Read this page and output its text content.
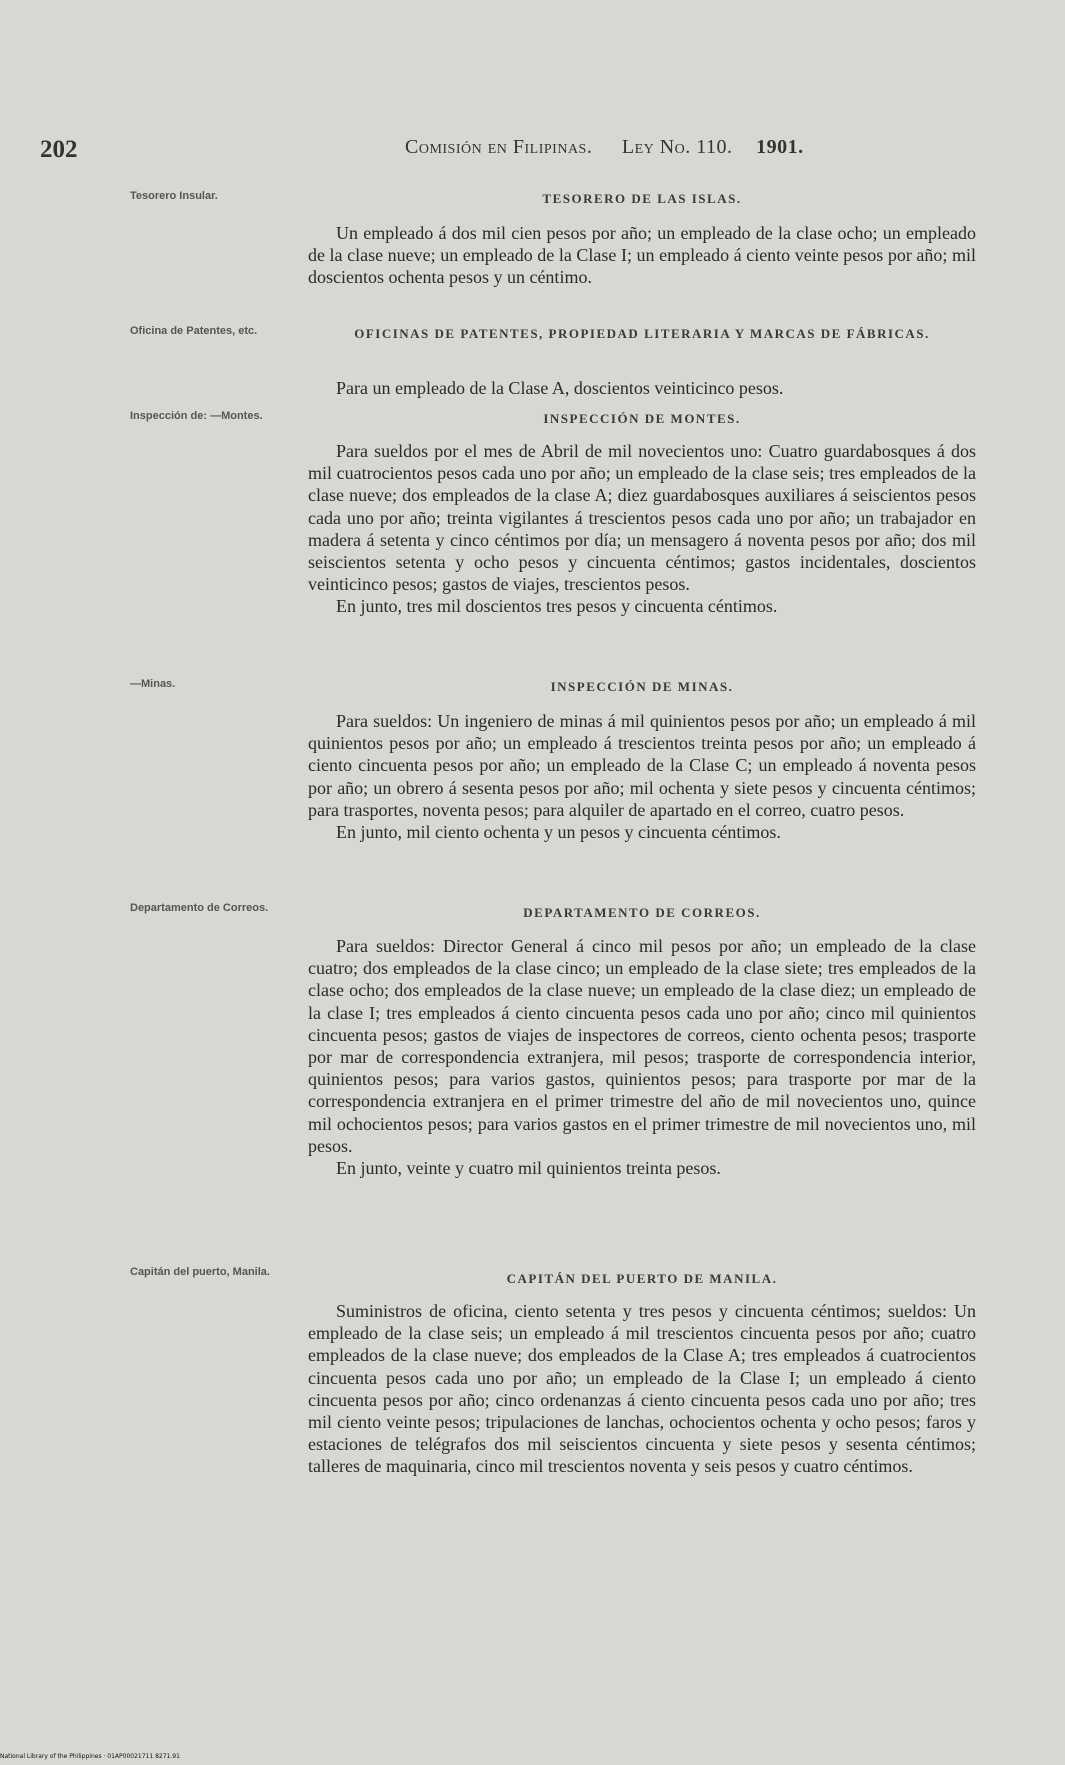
202	Comisión en Filipinas. Ley No. 110. 1901.
Tesorero Insular.	TESORERO DE LAS ISLAS.

Un empleado á dos mil cien pesos por año; un empleado de la clase ocho; un empleado de la clase nueve; un empleado de la Clase I; un empleado á ciento veinte pesos por año; mil doscientos ochenta pesos y un céntimo.

Oficina de Patentes, etc.	OFICINAS DE PATENTES, PROPIEDAD LITERARIA Y MARCAS DE FÁBRICAS.

Para un empleado de la Clase A, doscientos veinticinco pesos.

Inspección de: —Montes.	INSPECCIÓN DE MONTES.

Para sueldos por el mes de Abril de mil novecientos uno: Cuatro guardabosques á dos mil cuatrocientos pesos cada uno por año; un empleado de la clase seis; tres empleados de la clase nueve; dos empleados de la clase A; diez guardabosques auxiliares á seiscientos pesos cada uno por año; treinta vigilantes á trescientos pesos cada uno por año; un trabajador en madera á setenta y cinco céntimos por día; un mensagero á noventa pesos por año; dos mil seiscientos setenta y ocho pesos y cincuenta céntimos; gastos incidentales, doscientos veinticinco pesos; gastos de viajes, trescientos pesos.

En junto, tres mil doscientos tres pesos y cincuenta céntimos.

—Minas.	INSPECCIÓN DE MINAS.

Para sueldos: Un ingeniero de minas á mil quinientos pesos por año; un empleado á mil quinientos pesos por año; un empleado á trescientos treinta pesos por año; un empleado á ciento cincuenta pesos por año; un empleado de la Clase C; un empleado á noventa pesos por año; un obrero á sesenta pesos por año; mil ochenta y siete pesos y cincuenta céntimos; para trasportes, noventa pesos; para alquiler de apartado en el correo, cuatro pesos.

En junto, mil ciento ochenta y un pesos y cincuenta céntimos.

Departamento de Correos.	DEPARTAMENTO DE CORREOS.

Para sueldos: Director General á cinco mil pesos por año; un empleado de la clase cuatro; dos empleados de la clase cinco; un empleado de la clase siete; tres empleados de la clase ocho; dos empleados de la clase nueve; un empleado de la clase diez; un empleado de la clase I; tres empleados á ciento cincuenta pesos cada uno por año; cinco mil quinientos cincuenta pesos; gastos de viajes de inspectores de correos, ciento ochenta pesos; trasporte por mar de correspondencia extranjera, mil pesos; trasporte de correspondencia interior, quinientos pesos; para varios gastos, quinientos pesos; para trasporte por mar de la correspondencia extranjera en el primer trimestre del año de mil novecientos uno, quince mil ochocientos pesos; para varios gastos en el primer trimestre de mil novecientos uno, mil pesos.

En junto, veinte y cuatro mil quinientos treinta pesos.

Capitán del puerto, Manila.	CAPITÁN DEL PUERTO DE MANILA.

Suministros de oficina, ciento setenta y tres pesos y cincuenta céntimos; sueldos: Un empleado de la clase seis; un empleado á mil trescientos cincuenta pesos por año; cuatro empleados de la clase nueve; dos empleados de la Clase A; tres empleados á cuatrocientos cincuenta pesos cada uno por año; un empleado de la Clase I; un empleado á ciento cincuenta pesos por año; cinco ordenanzas á ciento cincuenta pesos cada uno por año; tres mil ciento veinte pesos; tripulaciones de lanchas, ochocientos ochenta y ocho pesos; faros y estaciones de telégrafos dos mil seiscientos cincuenta y siete pesos y sesenta céntimos; talleres de maquinaria, cinco mil trescientos noventa y seis pesos y cuatro céntimos.

National Library of the Philippines · 01AP00021711 8271.91
